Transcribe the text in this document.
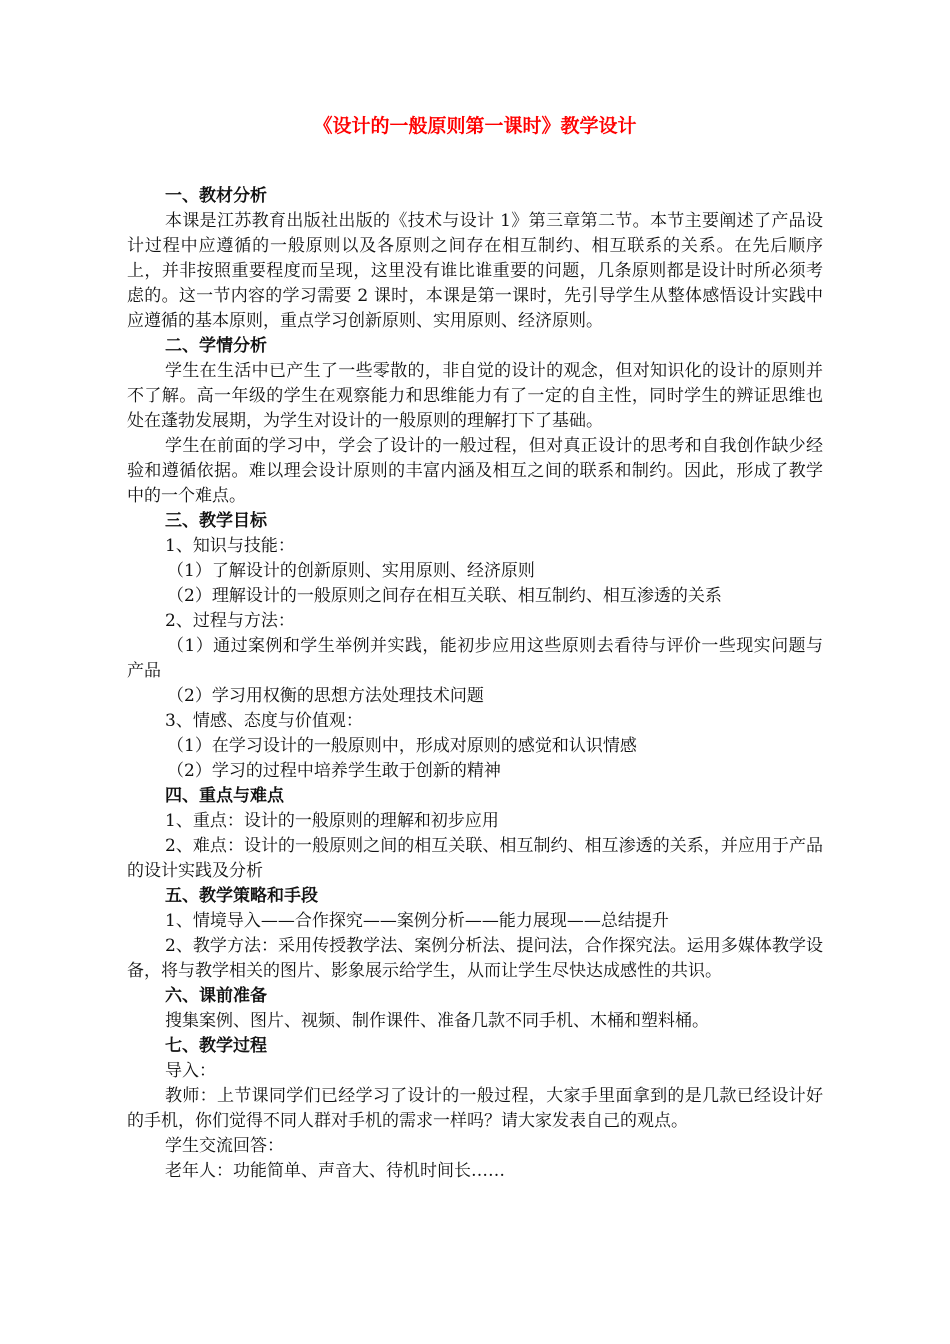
《设计的一般原则第一课时》教学设计

一、教材分析

本课是江苏教育出版社出版的《技术与设计 1》第三章第二节。本节主要阐述了产品设计过程中应遵循的一般原则以及各原则之间存在相互制约、相互联系的关系。在先后顺序上，并非按照重要程度而呈现，这里没有谁比谁重要的问题，几条原则都是设计时所必须考虑的。这一节内容的学习需要 2 课时，本课是第一课时，先引导学生从整体感悟设计实践中应遵循的基本原则，重点学习创新原则、实用原则、经济原则。

二、学情分析

学生在生活中已产生了一些零散的，非自觉的设计的观念，但对知识化的设计的原则并不了解。高一年级的学生在观察能力和思维能力有了一定的自主性，同时学生的辨证思维也处在蓬勃发展期，为学生对设计的一般原则的理解打下了基础。

学生在前面的学习中，学会了设计的一般过程，但对真正设计的思考和自我创作缺少经验和遵循依据。难以理会设计原则的丰富内涵及相互之间的联系和制约。因此，形成了教学中的一个难点。

三、教学目标

1、知识与技能：

（1）了解设计的创新原则、实用原则、经济原则

（2）理解设计的一般原则之间存在相互关联、相互制约、相互渗透的关系

2、过程与方法：

（1）通过案例和学生举例并实践，能初步应用这些原则去看待与评价一些现实问题与产品

（2）学习用权衡的思想方法处理技术问题

3、情感、态度与价值观：

（1）在学习设计的一般原则中，形成对原则的感觉和认识情感

（2）学习的过程中培养学生敢于创新的精神

四、重点与难点

1、重点：设计的一般原则的理解和初步应用

2、难点：设计的一般原则之间的相互关联、相互制约、相互渗透的关系，并应用于产品的设计实践及分析

五、教学策略和手段

1、情境导入——合作探究——案例分析——能力展现——总结提升

2、教学方法：采用传授教学法、案例分析法、提问法，合作探究法。运用多媒体教学设备，将与教学相关的图片、影象展示给学生，从而让学生尽快达成感性的共识。

六、课前准备

搜集案例、图片、视频、制作课件、准备几款不同手机、木桶和塑料桶。

七、教学过程

导入：

教师：上节课同学们已经学习了设计的一般过程，大家手里面拿到的是几款已经设计好的手机，你们觉得不同人群对手机的需求一样吗？请大家发表自己的观点。

学生交流回答：

老年人：功能简单、声音大、待机时间长……
